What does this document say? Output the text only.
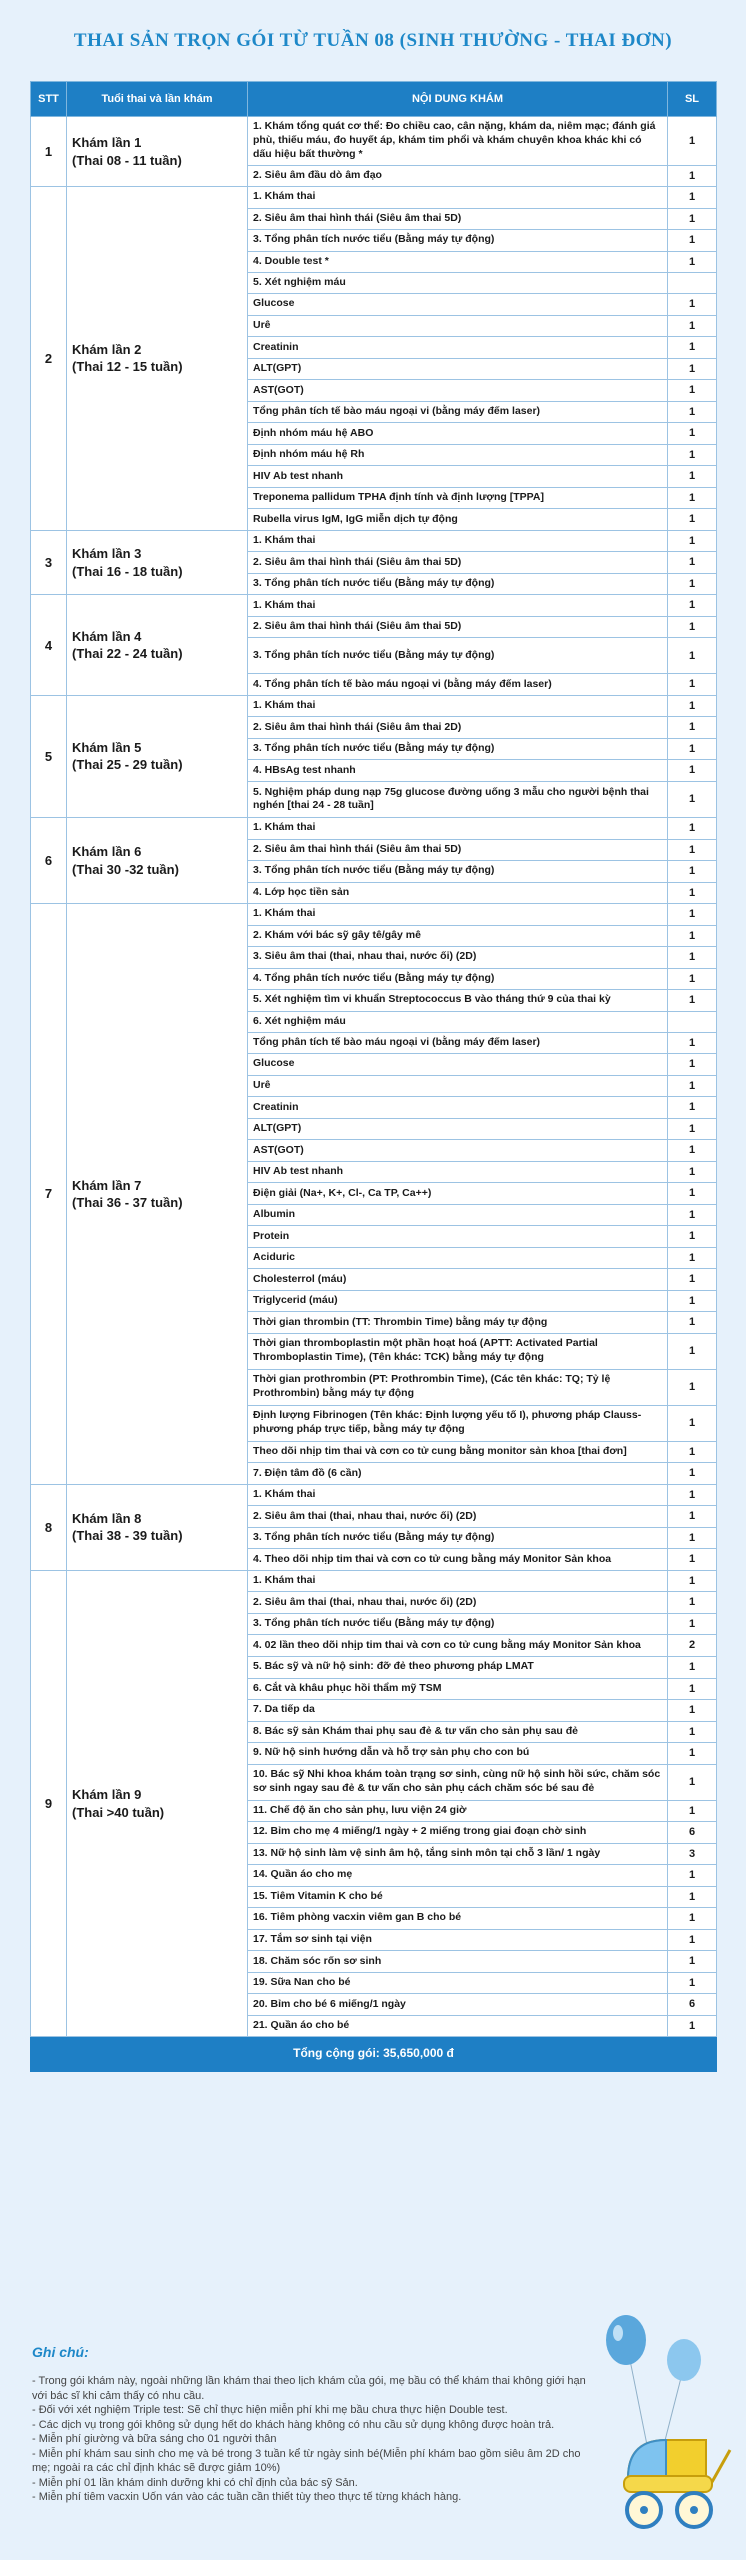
THAI SẢN TRỌN GÓI TỪ TUẦN 08 (SINH THƯỜNG - THAI ĐƠN)
STT	Tuổi thai và lần khám	NỘI DUNG KHÁM	SL
1	Khám lần 1
(Thai 08 - 11 tuần)	1. Khám tổng quát cơ thể: Đo chiều cao, cân nặng, khám da, niêm mạc; đánh giá phù, thiếu máu, đo huyết áp, khám tim phổi và khám chuyên khoa khác khi có dấu hiệu bất thường *	1
		2. Siêu âm đầu dò âm đạo	1
2	Khám lần 2
(Thai 12 - 15 tuần)	1. Khám thai	1
		2. Siêu âm thai hình thái (Siêu âm thai 5D)	1
		3. Tổng phân tích nước tiểu (Bằng máy tự động)	1
		4. Double test *	1
		5. Xét nghiệm máu	
		Glucose	1
		Urê	1
		Creatinin	1
		ALT(GPT)	1
		AST(GOT)	1
		Tổng phân tích tế bào máu ngoại vi (bằng máy đếm laser)	1
		Định nhóm máu hệ ABO	1
		Định nhóm máu hệ Rh	1
		HIV Ab test nhanh	1
		Treponema pallidum TPHA định tính và định lượng [TPPA]	1
		Rubella virus IgM, IgG miễn dịch tự động	1
3	Khám lần 3
(Thai 16 - 18 tuần)	1. Khám thai	1
		2. Siêu âm thai hình thái (Siêu âm thai 5D)	1
		3. Tổng phân tích nước tiểu (Bằng máy tự động)	1
4	Khám lần 4
(Thai 22 - 24 tuần)	1. Khám thai	1
		2. Siêu âm thai hình thái (Siêu âm thai 5D)	1
		3. Tổng phân tích nước tiểu (Bằng máy tự động)	1
		4. Tổng phân tích tế bào máu ngoại vi (bằng máy đếm laser)	1
5	Khám lần 5
(Thai 25 - 29 tuần)	1. Khám thai	1
		2. Siêu âm thai hình thái (Siêu âm thai 2D)	1
		3. Tổng phân tích nước tiểu (Bằng máy tự động)	1
		4. HBsAg test nhanh	1
		5. Nghiệm pháp dung nạp 75g glucose đường uống 3 mẫu cho người bệnh thai nghén [thai 24 - 28 tuần]	1
6	Khám lần 6
(Thai 30 -32 tuần)	1. Khám thai	1
		2. Siêu âm thai hình thái (Siêu âm thai 5D)	1
		3. Tổng phân tích nước tiểu (Bằng máy tự động)	1
		4. Lớp học tiền sản	1
7	Khám lần 7
(Thai 36 - 37 tuần)	1. Khám thai	1
		2. Khám với bác sỹ gây tê/gây mê	1
		3. Siêu âm thai (thai, nhau thai, nước ối) (2D)	1
		4. Tổng phân tích nước tiểu (Bằng máy tự động)	1
		5. Xét nghiệm tìm vi khuẩn Streptococcus B vào tháng thứ 9 của thai kỳ	1
		6. Xét nghiệm máu	
		Tổng phân tích tế bào máu ngoại vi (bằng máy đếm laser)	1
		Glucose	1
		Urê	1
		Creatinin	1
		ALT(GPT)	1
		AST(GOT)	1
		HIV Ab test nhanh	1
		Điện giải (Na+, K+, Cl-, Ca TP, Ca++)	1
		Albumin	1
		Protein	1
		Aciduric	1
		Cholesterrol (máu)	1
		Triglycerid (máu)	1
		Thời gian thrombin (TT: Thrombin Time) bằng máy tự động	1
		Thời gian thromboplastin một phần hoạt hoá (APTT: Activated Partial Thromboplastin Time), (Tên khác: TCK) bằng máy tự động	1
		Thời gian prothrombin (PT: Prothrombin Time), (Các tên khác: TQ; Tỷ lệ Prothrombin) bằng máy tự động	1
		Định lượng Fibrinogen (Tên khác: Định lượng yếu tố I), phương pháp Clauss- phương pháp trực tiếp, bằng máy tự động	1
		Theo dõi nhịp tim thai và cơn co tử cung bằng monitor sản khoa [thai đơn]	1
		7. Điện tâm đồ (6 cần)	1
8	Khám lần 8
(Thai 38 - 39 tuần)	1. Khám thai	1
		2. Siêu âm thai (thai, nhau thai, nước ối) (2D)	1
		3. Tổng phân tích nước tiểu (Bằng máy tự động)	1
		4. Theo dõi nhịp tim thai và cơn co tử cung bằng máy Monitor Sản khoa	1
9	Khám lần 9
(Thai >40 tuần)	1. Khám thai	1
		2. Siêu âm thai (thai, nhau thai, nước ối) (2D)	1
		3. Tổng phân tích nước tiểu (Bằng máy tự động)	1
		4. 02 lần theo dõi nhịp tim thai và cơn co tử cung bằng máy Monitor Sản khoa	2
		5. Bác sỹ và nữ hộ sinh: đỡ đẻ theo phương pháp LMAT	1
		6. Cắt và khâu phục hồi thẩm mỹ TSM	1
		7. Da tiếp da	1
		8. Bác sỹ sản Khám thai phụ sau đẻ & tư vấn cho sản phụ sau đẻ	1
		9. Nữ hộ sinh hướng dẫn và hỗ trợ sản phụ cho con bú	1
		10. Bác sỹ Nhi khoa khám toàn trạng sơ sinh, cùng nữ hộ sinh hồi sức, chăm sóc sơ sinh ngay sau đẻ & tư vấn cho sản phụ cách chăm sóc bé sau đẻ	1
		11. Chế độ ăn cho sản phụ, lưu viện 24 giờ	1
		12. Bỉm cho mẹ 4 miếng/1 ngày + 2 miếng trong giai đoạn chờ sinh	6
		13. Nữ hộ sinh làm vệ sinh âm hộ, tắng sinh môn tại chỗ 3 lần/ 1 ngày	3
		14. Quần áo cho mẹ	1
		15. Tiêm Vitamin K cho bé	1
		16. Tiêm phòng vacxin viêm gan B cho bé	1
		17. Tắm sơ sinh tại viện	1
		18. Chăm sóc rốn sơ sinh	1
		19. Sữa Nan cho bé	1
		20. Bỉm cho bé 6 miếng/1 ngày	6
		21. Quần áo cho bé	1
Tổng cộng gói: 35,650,000 đ			
Ghi chú:
- Trong gói khám này, ngoài những lần khám thai theo lịch khám của gói, mẹ bầu có thể khám thai không giới hạn với bác sĩ khi cảm thấy có nhu cầu.
- Đối với xét nghiệm Triple test: Sẽ chỉ thực hiện miễn phí khi mẹ bầu chưa thực hiện Double test.
- Các dịch vụ trong gói không sử dụng hết do khách hàng không có nhu cầu sử dụng không được hoàn trả.
- Miễn phí giường và bữa sáng cho 01 người thân
- Miễn phí khám sau sinh cho mẹ và bé trong 3 tuần kể từ ngày sinh bé(Miễn phí khám bao gồm siêu âm 2D cho mẹ; ngoài ra các chỉ định khác sẽ được giảm 10%)
- Miễn phí 01 lần khám dinh dưỡng khi có chỉ định của bác sỹ Sản.
- Miễn phí tiêm vacxin Uốn ván vào các tuần cần thiết tùy theo thực tế từng khách hàng.
